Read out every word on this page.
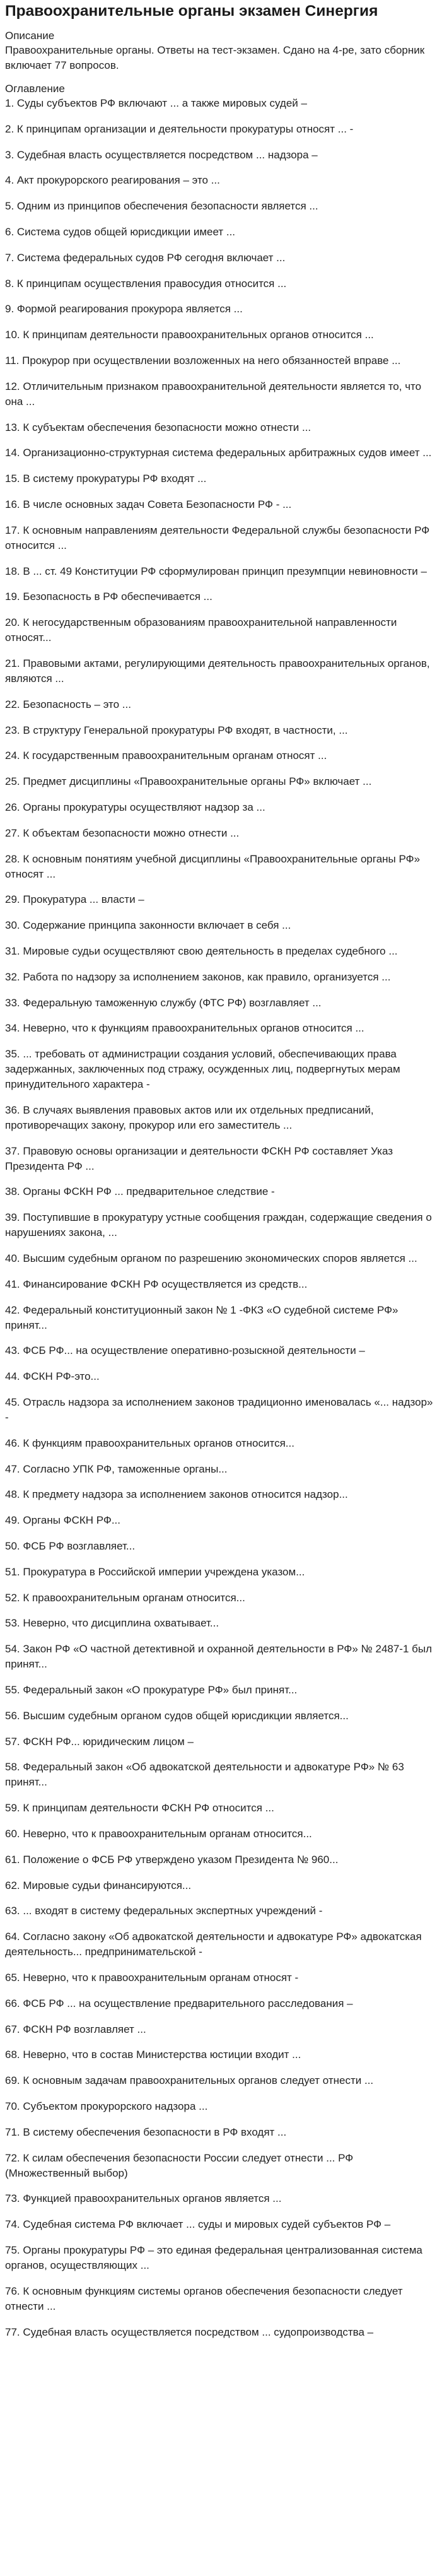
Правоохранительные органы экзамен Синергия

Описание

Правоохранительные органы. Ответы на тест-экзамен. Сдано на 4-ре, зато сборник включает 77 вопросов.

Оглавление

1. Суды субъектов РФ включают ... а также мировых судей –
2. К принципам организации и деятельности прокуратуры относят ... -
3. Судебная власть осуществляется посредством ... надзора –
4. Акт прокурорского реагирования – это ...
5. Одним из принципов обеспечения безопасности является ...
6. Система судов общей юрисдикции имеет ...
7. Система федеральных судов РФ сегодня включает ...
8. К принципам осуществления правосудия относится ...
9. Формой реагирования прокурора является ...
10. К принципам деятельности правоохранительных органов относится ...
11. Прокурор при осуществлении возложенных на него обязанностей вправе ...
12. Отличительным признаком правоохранительной деятельности является то, что она ...
13. К субъектам обеспечения безопасности можно отнести ...
14. Организационно-структурная система федеральных арбитражных судов имеет ...
15. В систему прокуратуры РФ входят ...
16. В числе основных задач Совета Безопасности РФ - ...
17. К основным направлениям деятельности Федеральной службы безопасности РФ относится ...
18. В ... ст. 49 Конституции РФ сформулирован принцип презумпции невиновности –
19. Безопасность в РФ обеспечивается ...
20. К негосударственным образованиям правоохранительной направленности относят...
21. Правовыми актами, регулирующими деятельность правоохранительных органов, являются ...
22. Безопасность – это ...
23. В структуру Генеральной прокуратуры РФ входят, в частности, ...
24. К государственным правоохранительным органам относят ...
25. Предмет дисциплины «Правоохранительные органы РФ» включает ...
26. Органы прокуратуры осуществляют надзор за ...
27. К объектам безопасности можно отнести ...
28. К основным понятиям учебной дисциплины «Правоохранительные органы РФ» относят ...
29. Прокуратура ... власти –
30. Содержание принципа законности включает в себя ...
31. Мировые судьи осуществляют свою деятельность в пределах судебного ...
32. Работа по надзору за исполнением законов, как правило, организуется ...
33. Федеральную таможенную службу (ФТС РФ) возглавляет ...
34. Неверно, что к функциям правоохранительных органов относится ...
35. ... требовать от администрации создания условий, обеспечивающих права задержанных, заключенных под стражу, осужденных лиц, подвергнутых мерам принудительного характера -
36. В случаях выявления правовых актов или их отдельных предписаний, противоречащих закону, прокурор или его заместитель ...
37. Правовую основы организации и деятельности ФСКН РФ составляет Указ Президента РФ ...
38. Органы ФСКН РФ ... предварительное следствие -
39. Поступившие в прокуратуру устные сообщения граждан, содержащие сведения о нарушениях закона, ...
40. Высшим судебным органом по разрешению экономических споров является ...
41. Финансирование ФСКН РФ осуществляется из средств...
42. Федеральный конституционный закон № 1 -ФКЗ «О судебной системе РФ» принят...
43. ФСБ РФ... на осуществление оперативно-розыскной деятельности –
44. ФСКН РФ-это...
45. Отрасль надзора за исполнением законов традиционно именовалась «... надзор» -
46. К функциям правоохранительных органов относится...
47. Согласно УПК РФ, таможенные органы...
48. К предмету надзора за исполнением законов относится надзор...
49. Органы ФСКН РФ...
50. ФСБ РФ возглавляет...
51. Прокуратура в Российской империи учреждена указом...
52. К правоохранительным органам относится...
53. Неверно, что дисциплина охватывает...
54. Закон РФ «О частной детективной и охранной деятельности в РФ» № 2487-1 был принят...
55. Федеральный закон «О прокуратуре РФ» был принят...
56. Высшим судебным органом судов общей юрисдикции является...
57. ФСКН РФ... юридическим лицом –
58. Федеральный закон «Об адвокатской деятельности и адвокатуре РФ» № 63 принят...
59. К принципам деятельности ФСКН РФ относится ...
60. Неверно, что к правоохранительным органам относится...
61. Положение о ФСБ РФ утверждено указом Президента № 960...
62. Мировые судьи финансируются...
63. ... входят в систему федеральных экспертных учреждений -
64. Согласно закону «Об адвокатской деятельности и адвокатуре РФ» адвокатская деятельность... предпринимательской -
65. Неверно, что к правоохранительным органам относят -
66. ФСБ РФ ... на осуществление предварительного расследования –
67. ФСКН РФ возглавляет ...
68. Неверно, что в состав Министерства юстиции входит ...
69. К основным задачам правоохранительных органов следует отнести ...
70. Субъектом прокурорского надзора ...
71. В систему обеспечения безопасности в РФ входят ...
72. К силам обеспечения безопасности России следует отнести ... РФ (Множественный выбор)
73. Функцией правоохранительных органов является ...
74. Судебная система РФ включает ... суды и мировых судей субъектов РФ –
75. Органы прокуратуры РФ – это единая федеральная централизованная система органов, осуществляющих ...
76. К основным функциям системы органов обеспечения безопасности следует отнести ...
77. Судебная власть осуществляется посредством ... судопроизводства –
